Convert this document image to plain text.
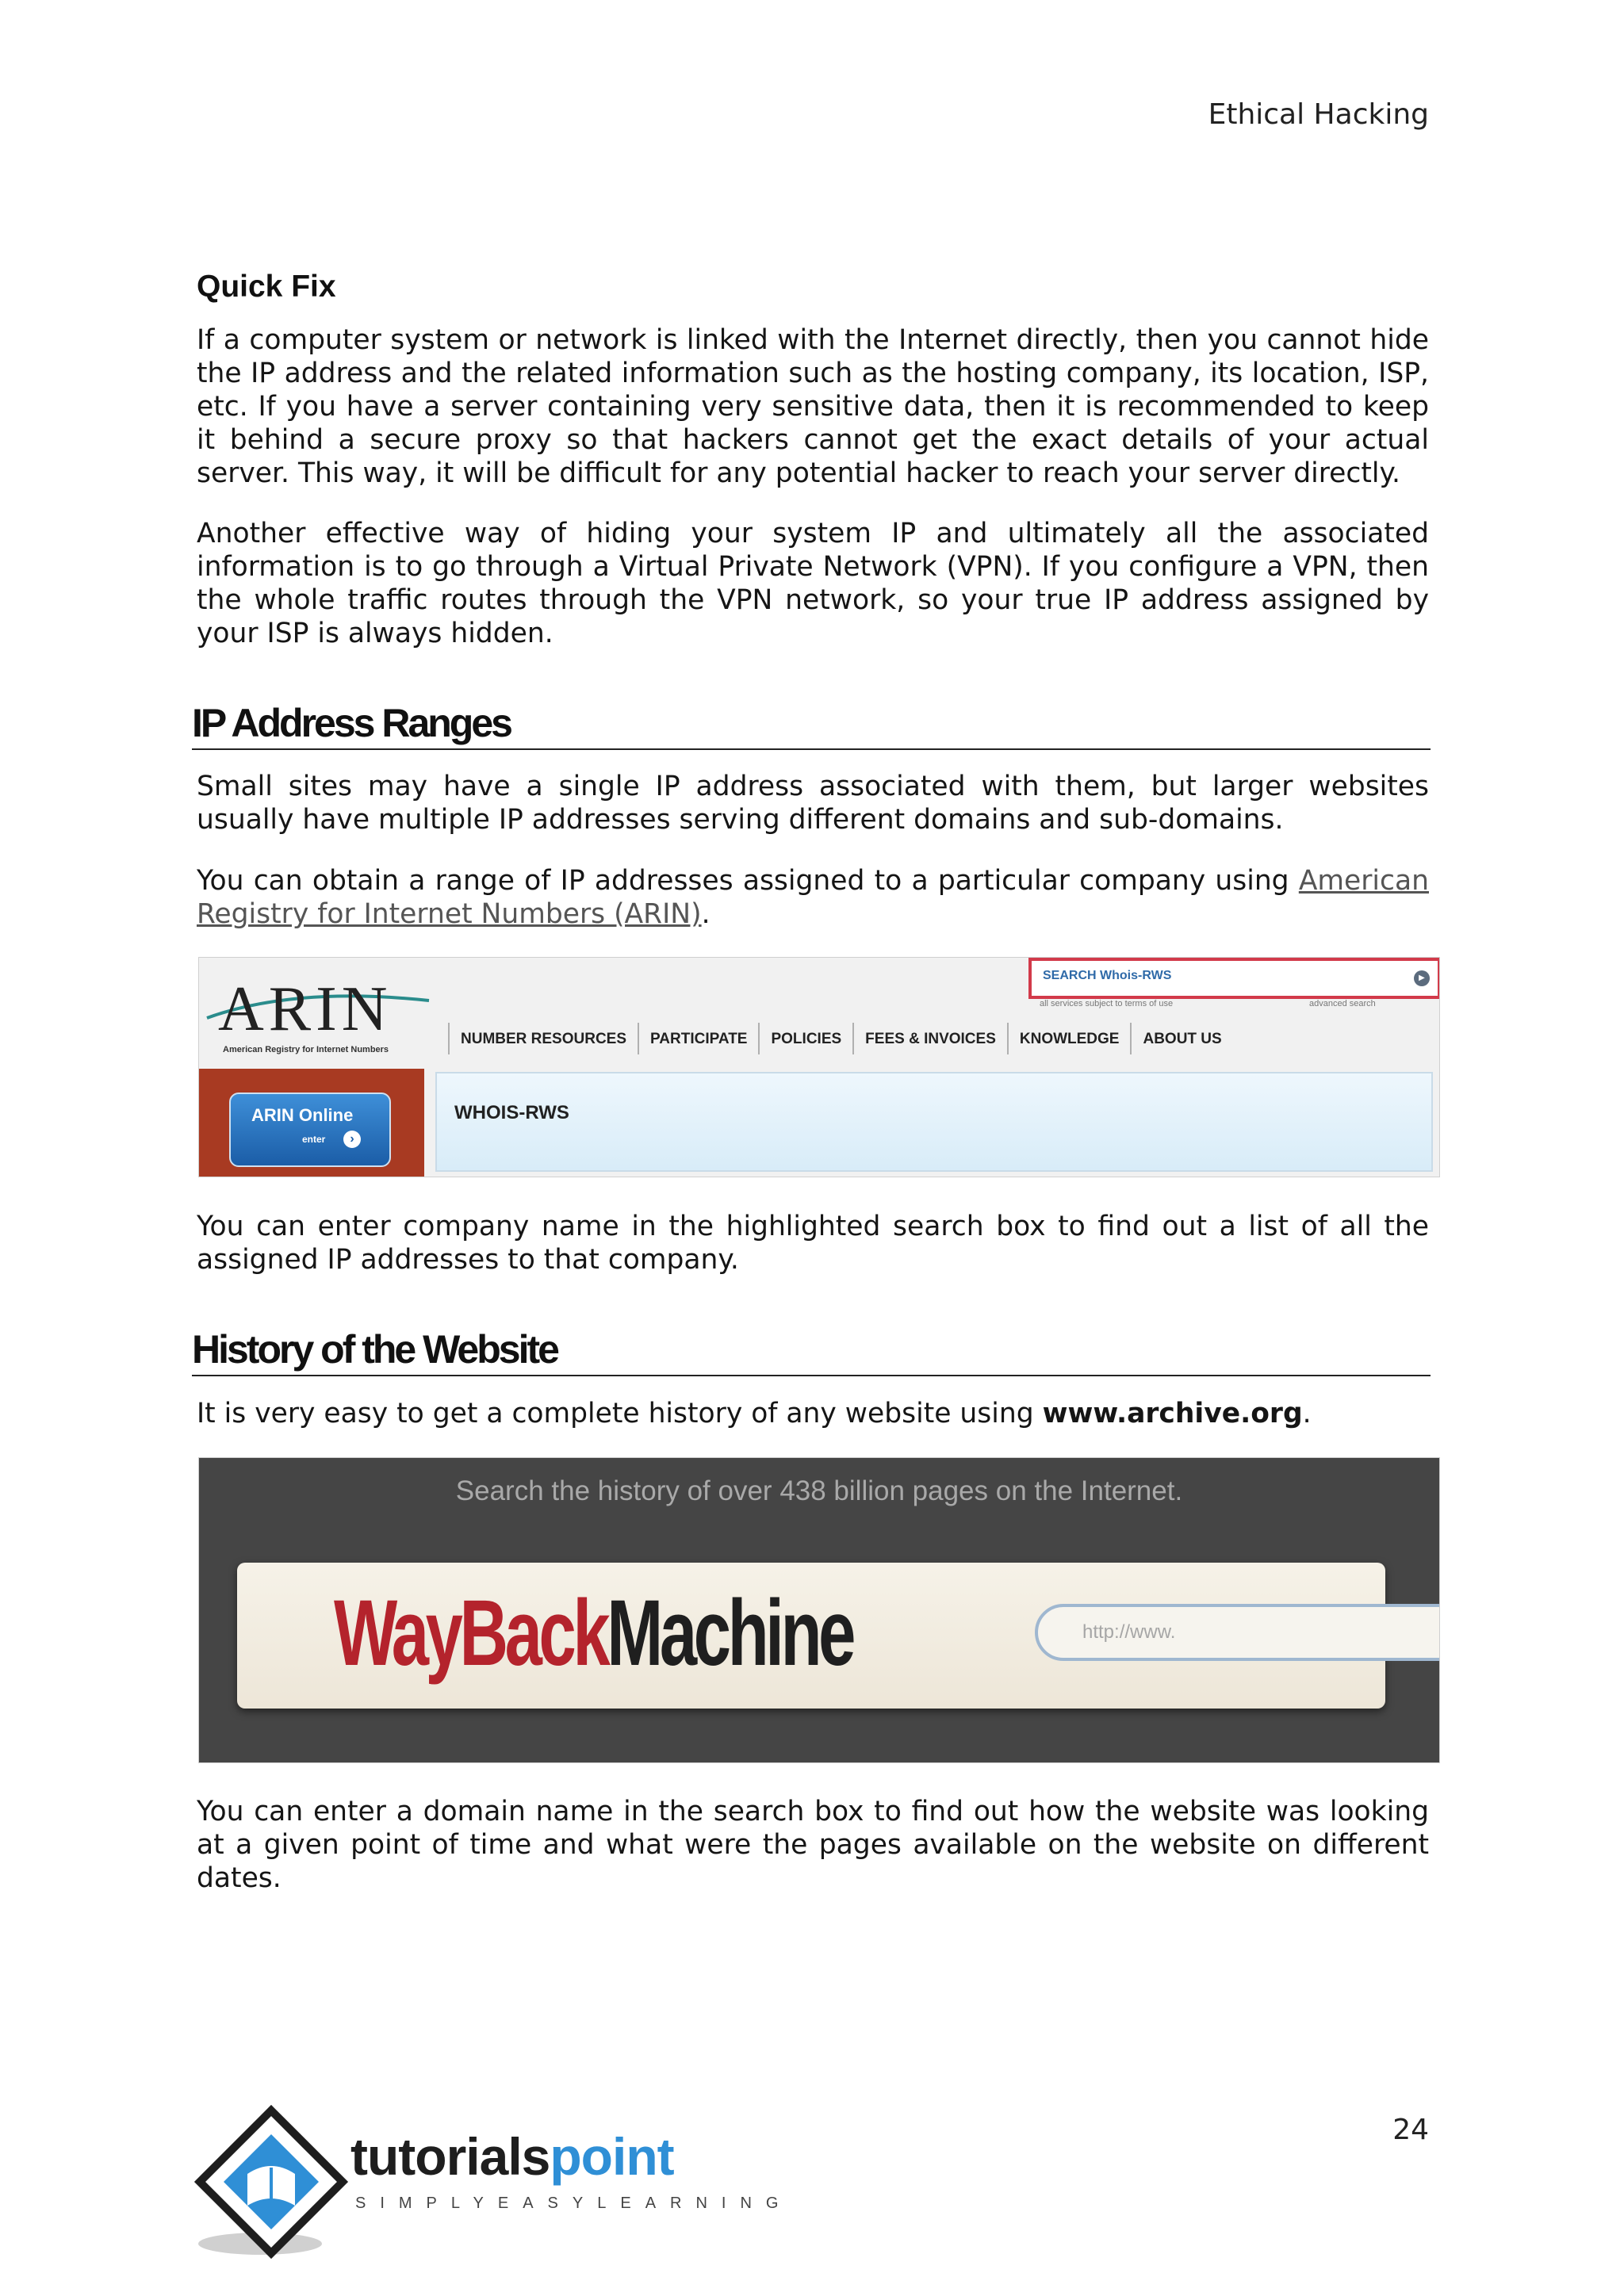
Ethical Hacking
Quick Fix
If a computer system or network is linked with the Internet directly, then you cannot hide the IP address and the related information such as the hosting company, its location, ISP, etc. If you have a server containing very sensitive data, then it is recommended to keep it behind a secure proxy so that hackers cannot get the exact details of your actual server. This way, it will be difficult for any potential hacker to reach your server directly.
Another effective way of hiding your system IP and ultimately all the associated information is to go through a Virtual Private Network (VPN). If you configure a VPN, then the whole traffic routes through the VPN network, so your true IP address assigned by your ISP is always hidden.
IP Address Ranges
Small sites may have a single IP address associated with them, but larger websites usually have multiple IP addresses serving different domains and sub-domains.
You can obtain a range of IP addresses assigned to a particular company using American Registry for Internet Numbers (ARIN).
You can enter company name in the highlighted search box to find out a list of all the assigned IP addresses to that company.
History of the Website
It is very easy to get a complete history of any website using www.archive.org.
You can enter a domain name in the search box to find out how the website was looking at a given point of time and what were the pages available on the website on different dates.
ARIN
American Registry for Internet Numbers
SEARCH Whois-RWS	▶
all services subject to terms of use	advanced search
NUMBER RESOURCES	PARTICIPATE	POLICIES	FEES & INVOICES	KNOWLEDGE	ABOUT US
ARIN Online
enter	›
WHOIS-RWS
Search the history of over 438 billion pages on the Internet.
WayBackMachine	http://www.
tutorialspoint
SIMPLYEASYLEARNING
24
